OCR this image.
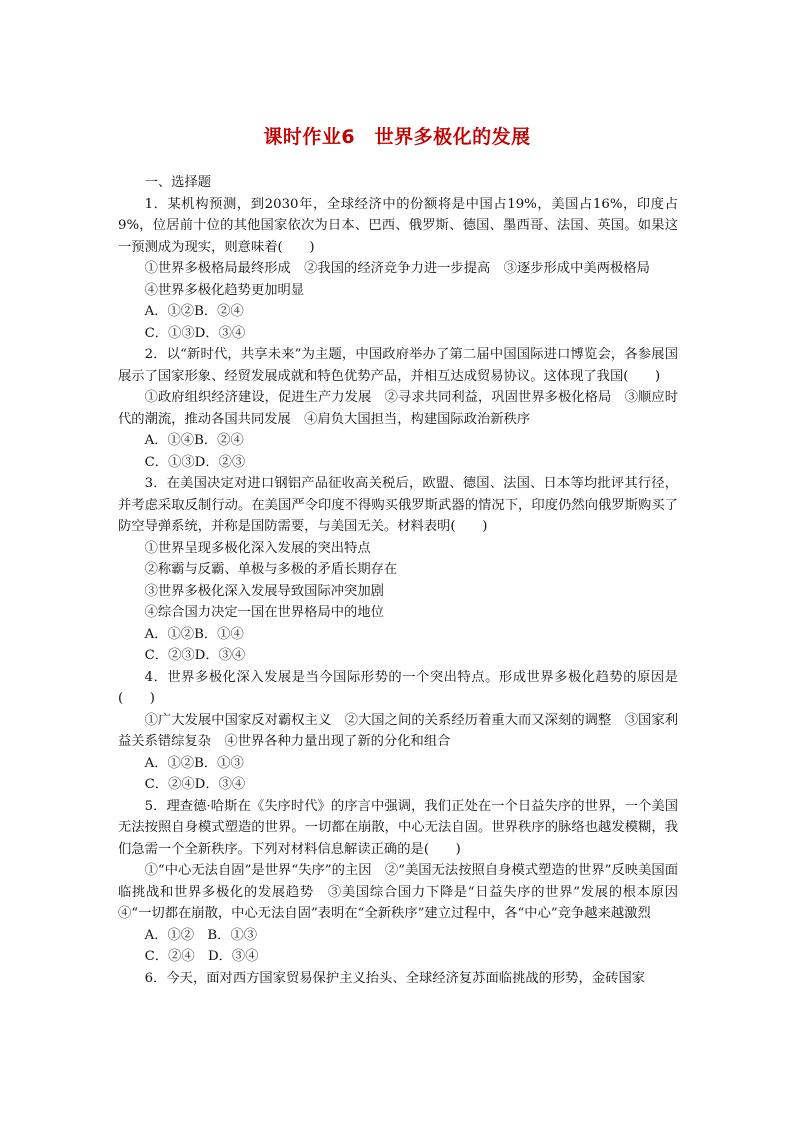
课时作业6　世界多极化的发展

一、选择题

1．某机构预测，到2030年，全球经济中的份额将是中国占19%，美国占16%，印度占9%，位居前十位的其他国家依次为日本、巴西、俄罗斯、德国、墨西哥、法国、英国。如果这一预测成为现实，则意味着(　　)

①世界多极格局最终形成　②我国的经济竞争力进一步提高　③逐步形成中美两极格局

④世界多极化趋势更加明显

A．①②B．②④

C．①③D．③④

2．以“新时代，共享未来”为主题，中国政府举办了第二届中国国际进口博览会，各参展国展示了国家形象、经贸发展成就和特色优势产品，并相互达成贸易协议。这体现了我国(　　)

①政府组织经济建设，促进生产力发展　②寻求共同利益，巩固世界多极化格局　③顺应时代的潮流，推动各国共同发展　④肩负大国担当，构建国际政治新秩序

A．①④B．②④

C．①③D．②③

3．在美国决定对进口钢铝产品征收高关税后，欧盟、德国、法国、日本等均批评其行径，并考虑采取反制行动。在美国严令印度不得购买俄罗斯武器的情况下，印度仍然向俄罗斯购买了防空导弹系统，并称是国防需要，与美国无关。材料表明(　　)

①世界呈现多极化深入发展的突出特点

②称霸与反霸、单极与多极的矛盾长期存在

③世界多极化深入发展导致国际冲突加剧

④综合国力决定一国在世界格局中的地位

A．①②B．①④

C．②③D．③④

4．世界多极化深入发展是当今国际形势的一个突出特点。形成世界多极化趋势的原因是(　　)

①广大发展中国家反对霸权主义　②大国之间的关系经历着重大而又深刻的调整　③国家利益关系错综复杂　④世界各种力量出现了新的分化和组合

A．①②B．①③

C．②④D．③④

5．理查德·哈斯在《失序时代》的序言中强调，我们正处在一个日益失序的世界，一个美国无法按照自身模式塑造的世界。一切都在崩散，中心无法自固。世界秩序的脉络也越发模糊，我们急需一个全新秩序。下列对材料信息解读正确的是(　　)

①“中心无法自固”是世界“失序”的主因　②“美国无法按照自身模式塑造的世界”反映美国面临挑战和世界多极化的发展趋势　③美国综合国力下降是“日益失序的世界”发展的根本原因　④“一切都在崩散，中心无法自固”表明在“全新秩序”建立过程中，各“中心”竞争越来越激烈

A．①②　B．①③

C．②④　D．③④

6．今天，面对西方国家贸易保护主义抬头、全球经济复苏面临挑战的形势，金砖国家
